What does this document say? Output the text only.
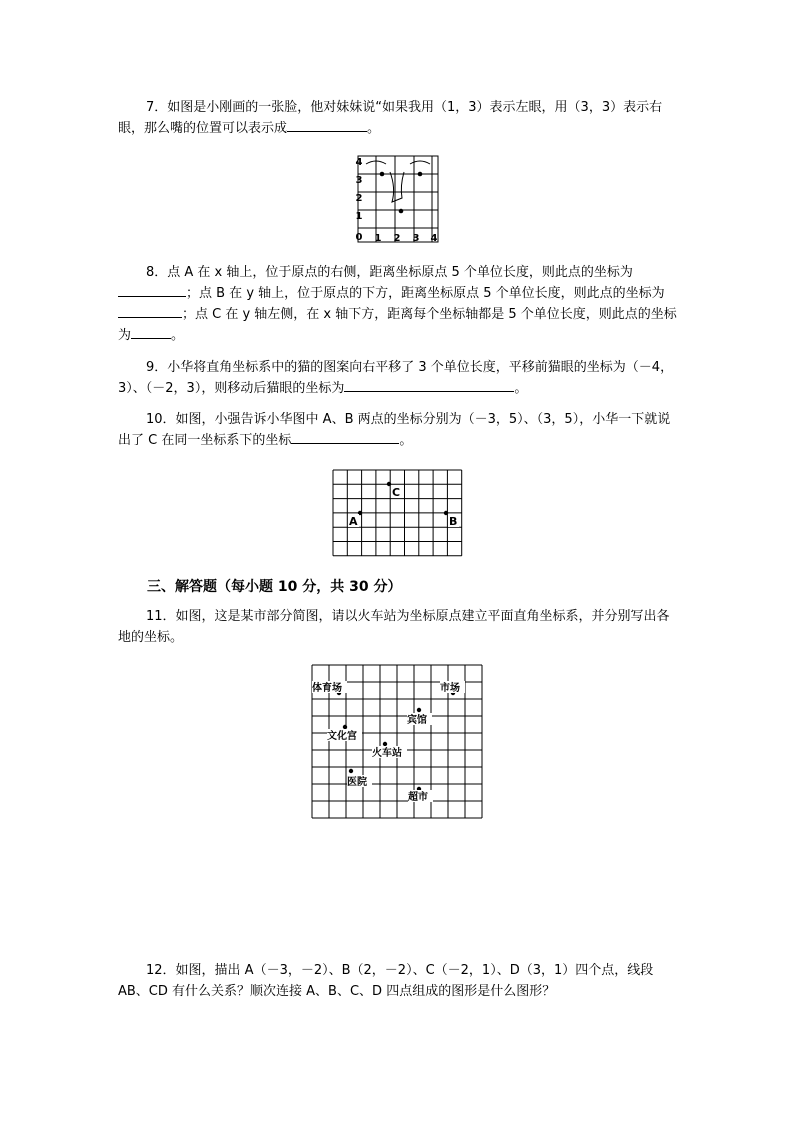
7．如图是小刚画的一张脸，他对妹妹说“如果我用（1，3）表示左眼，用（3，3）表示右眼，那么嘴的位置可以表示成	。

4
3
2
1
0 1 2 3 4

8．点 A 在 x 轴上，位于原点的右侧，距离坐标原点 5 个单位长度，则此点的坐标为；点 B 在 y 轴上，位于原点的下方，距离坐标原点 5 个单位长度，则此点的坐标为；点 C 在 y 轴左侧，在 x 轴下方，距离每个坐标轴都是 5 个单位长度，则此点的坐标为	。

9．小华将直角坐标系中的猫的图案向右平移了 3 个单位长度，平移前猫眼的坐标为（－4，3）、（－2，3），则移动后猫眼的坐标为	。

10．如图，小强告诉小华图中 A、B 两点的坐标分别为（－3，5）、（3，5），小华一下就说出了 C 在同一坐标系下的坐标	。

C
A	B

三、解答题（每小题 10 分，共 30 分）

11．如图，这是某市部分简图，请以火车站为坐标原点建立平面直角坐标系，并分别写出各地的坐标。

体育场	市场
宾馆
文化宫
火车站
医院
超市

12．如图，描出 A（－3，－2）、B（2，－2）、C（－2，1）、D（3，1）四个点，线段 AB、CD 有什么关系？顺次连接 A、B、C、D 四点组成的图形是什么图形？
